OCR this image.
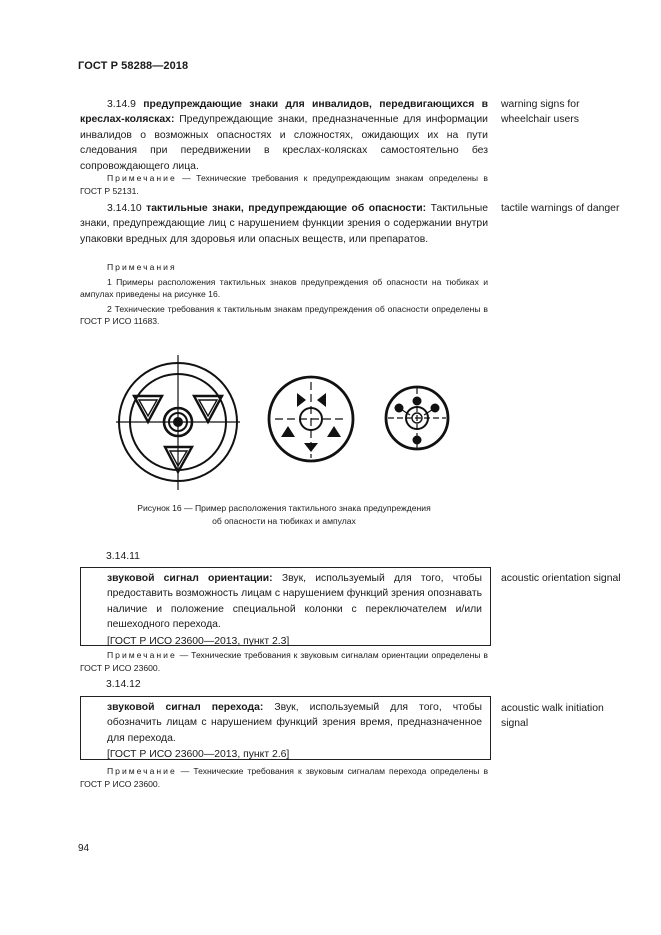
ГОСТ Р 58288—2018

3.14.9 предупреждающие знаки для инвалидов, передвигающихся в креслах-колясках: Предупреждающие знаки, предназначенные для информации инвалидов о возможных опасностях и сложностях, ожидающих их на пути следования при передвижении в креслах-колясках самостоятельно без сопровождающего лица.

warning signs for wheelchair users

Примечание — Технические требования к предупреждающим знакам определены в ГОСТ Р 52131.

3.14.10 тактильные знаки, предупреждающие об опасности: Тактильные знаки, предупреждающие лиц с нарушением функции зрения о содержании внутри упаковки вредных для здоровья или опасных веществ, или препаратов.

tactile warnings of danger

Примечания

1 Примеры расположения тактильных знаков предупреждения об опасности на тюбиках и ампулах приведены на рисунке 16.

2 Технические требования к тактильным знакам предупреждения об опасности определены в ГОСТ Р ИСО 11683.

Рисунок 16 — Пример расположения тактильного знака предупреждения
об опасности на тюбиках и ампулах
3.14.11

звуковой сигнал ориентации: Звук, используемый для того, чтобы предоставить возможность лицам с нарушением функций зрения опознавать наличие и положение специальной колонки с переключателем и/или пешеходного перехода.

[ГОСТ Р ИСО 23600—2013, пункт 2.3]

acoustic orientation signal

Примечание — Технические требования к звуковым сигналам ориентации определены в ГОСТ Р ИСО 23600.

3.14.12

звуковой сигнал перехода: Звук, используемый для того, чтобы обозначить лицам с нарушением функций зрения время, предназначенное для перехода.

[ГОСТ Р ИСО 23600—2013, пункт 2.6]

acoustic walk initiation signal

Примечание — Технические требования к звуковым сигналам перехода определены в ГОСТ Р ИСО 23600.

94
